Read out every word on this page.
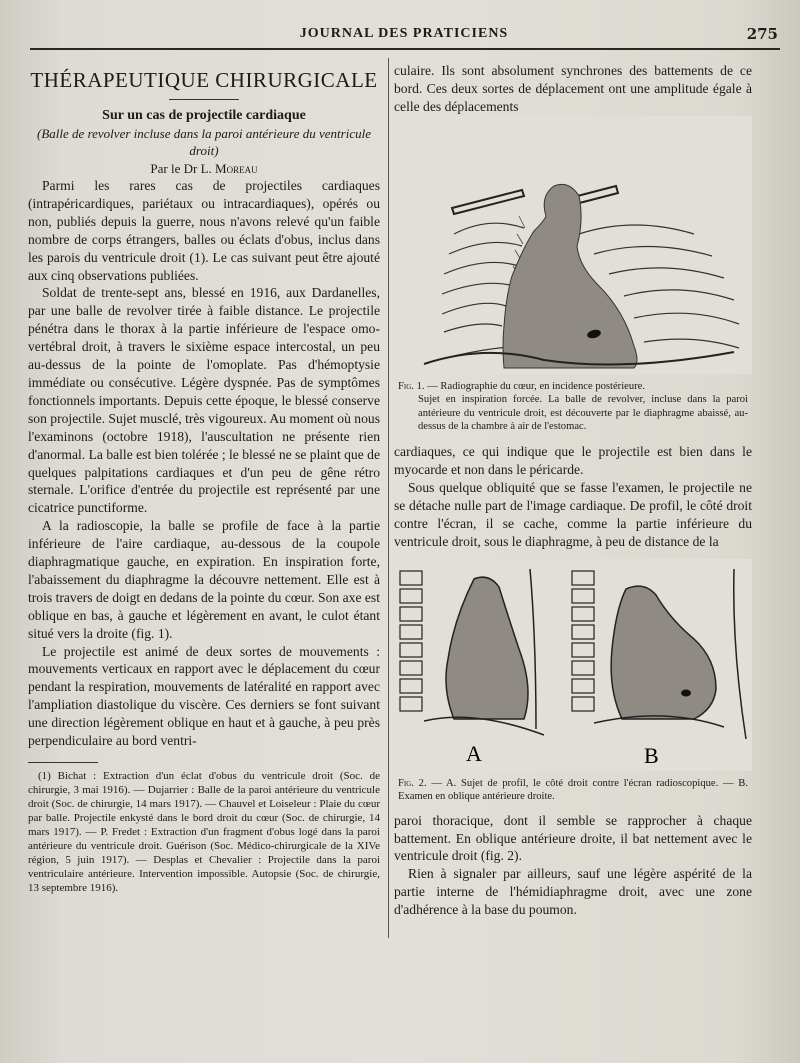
JOURNAL DES PRATICIENS	275
THÉRAPEUTIQUE CHIRURGICALE
Sur un cas de projectile cardiaque
(Balle de revolver incluse dans la paroi antérieure du ventricule droit)
Par le Dr L. Moreau

Parmi les rares cas de projectiles cardiaques (intrapéricardiques, pariétaux ou intracardiaques), opérés ou non, publiés depuis la guerre, nous n'avons relevé qu'un faible nombre de corps étrangers, balles ou éclats d'obus, inclus dans les parois du ventricule droit (1). Le cas suivant peut être ajouté aux cinq observations publiées.

Soldat de trente-sept ans, blessé en 1916, aux Dardanelles, par une balle de revolver tirée à faible distance. Le projectile pénétra dans le thorax à la partie inférieure de l'espace omo-vertébral droit, à travers le sixième espace intercostal, un peu au-dessus de la pointe de l'omoplate. Pas d'hémoptysie immédiate ou consécutive. Légère dyspnée. Pas de symptômes fonctionnels importants. Depuis cette époque, le blessé conserve son projectile. Sujet musclé, très vigoureux. Au moment où nous l'examinons (octobre 1918), l'auscultation ne présente rien d'anormal. La balle est bien tolérée ; le blessé ne se plaint que de quelques palpitations cardiaques et d'un peu de gêne rétro sternale. L'orifice d'entrée du projectile est représenté par une cicatrice punctiforme.

A la radioscopie, la balle se profile de face à la partie inférieure de l'aire cardiaque, au-dessous de la coupole diaphragmatique gauche, en expiration. En inspiration forte, l'abaissement du diaphragme la découvre nettement. Elle est à trois travers de doigt en dedans de la pointe du cœur. Son axe est oblique en bas, à gauche et légèrement en avant, le culot étant situé vers la droite (fig. 1).

Le projectile est animé de deux sortes de mouvements : mouvements verticaux en rapport avec le déplacement du cœur pendant la respiration, mouvements de latéralité en rapport avec l'ampliation diastolique du viscère. Ces derniers se font suivant une direction légèrement oblique en haut et à gauche, à peu près perpendiculaire au bord ventri-

(1) Bichat : Extraction d'un éclat d'obus du ventricule droit (Soc. de chirurgie, 3 mai 1916). — Dujarrier : Balle de la paroi antérieure du ventricule droit (Soc. de chirurgie, 14 mars 1917). — Chauvel et Loiseleur : Plaie du cœur par balle. Projectile enkysté dans le bord droit du cœur (Soc. de chirurgie, 14 mars 1917). — P. Fredet : Extraction d'un fragment d'obus logé dans la paroi antérieure du ventricule droit. Guérison (Soc. Médico-chirurgicale de la XIVe région, 5 juin 1917). — Desplas et Chevalier : Projectile dans la paroi ventriculaire antérieure. Intervention impossible. Autopsie (Soc. de chirurgie, 13 septembre 1916).

culaire. Ils sont absolument synchrones des battements de ce bord. Ces deux sortes de déplacement ont une amplitude égale à celle des déplacements

Fig. 1. — Radiographie du cœur, en incidence postérieure.
Sujet en inspiration forcée. La balle de revolver, incluse dans la paroi antérieure du ventricule droit, est découverte par le diaphragme abaissé, au-dessus de la chambre à air de l'estomac.

cardiaques, ce qui indique que le projectile est bien dans le myocarde et non dans le péricarde.

Sous quelque obliquité que se fasse l'examen, le projectile ne se détache nulle part de l'image cardiaque. De profil, le côté droit contre l'écran, il se cache, comme la partie inférieure du ventricule droit, sous le diaphragme, à peu de distance de la

A	B
Fig. 2. — A. Sujet de profil, le côté droit contre l'écran radioscopique. — B. Examen en oblique antérieure droite.

paroi thoracique, dont il semble se rapprocher à chaque battement. En oblique antérieure droite, il bat nettement avec le ventricule droit (fig. 2).

Rien à signaler par ailleurs, sauf une légère aspérité de la partie interne de l'hémidiaphragme droit, avec une zone d'adhérence à la base du poumon.
